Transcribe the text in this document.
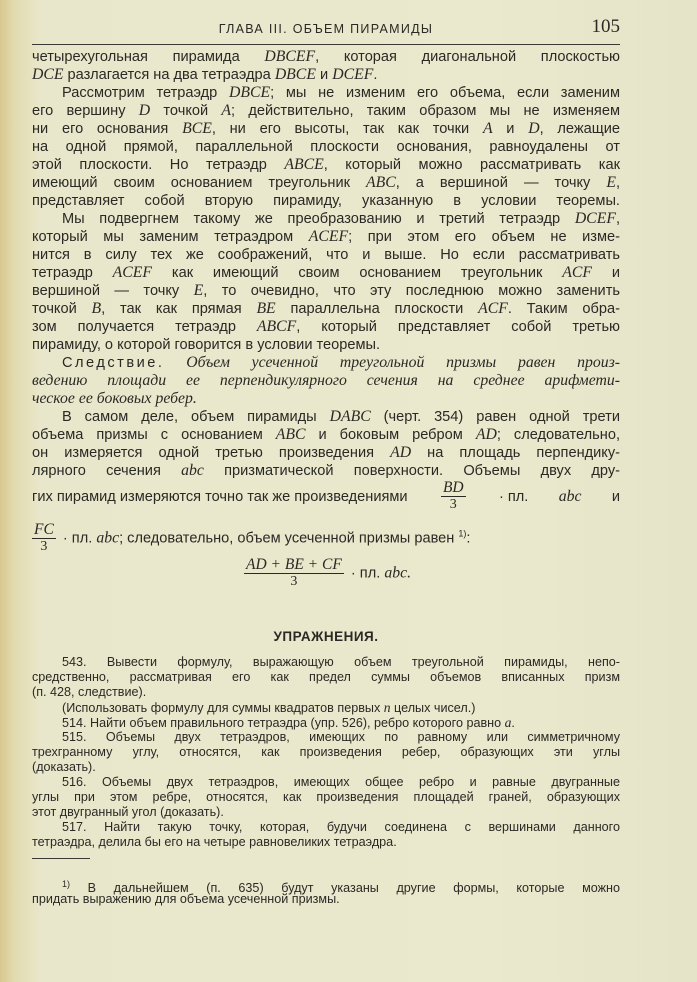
ГЛАВА III. ОБЪЕМ ПИРАМИДЫ	105
четырехугольная пирамида DBCEF, которая диагональной плоскостью
DCE разлагается на два тетраэдра DBCE и DCEF.
Рассмотрим тетраэдр DBCE; мы не изменим его объема, если заменим
его вершину D точкой A; действительно, таким образом мы не изменяем
ни его основания BCE, ни его высоты, так как точки A и D, лежащие
на одной прямой, параллельной плоскости основания, равноудалены от
этой плоскости. Но тетраэдр ABCE, который можно рассматривать как
имеющий своим основанием треугольник ABC, а вершиной — точку E,
представляет собой вторую пирамиду, указанную в условии теоремы.
Мы подвергнем такому же преобразованию и третий тетраэдр DCEF,
который мы заменим тетраэдром ACEF; при этом его объем не изме-
нится в силу тех же соображений, что и выше. Но если рассматривать
тетраэдр ACEF как имеющий своим основанием треугольник ACF и
вершиной — точку E, то очевидно, что эту последнюю можно заменить
точкой B, так как прямая BE параллельна плоскости ACF. Таким обра-
зом получается тетраэдр ABCF, который представляет собой третью
пирамиду, о которой говорится в условии теоремы.
Следствие. Объем усеченной треугольной призмы равен произ-
ведению площади ее перпендикулярного сечения на среднее арифмети-
ческое ее боковых ребер.
В самом деле, объем пирамиды DABC (черт. 354) равен одной трети
объема призмы с основанием ABC и боковым ребром AD; следовательно,
он измеряется одной третью произведения AD на площадь перпендику-
лярного сечения abc призматической поверхности. Объемы двух дру-
гих пирамид измеряются точно так же произведениями $\frac{BD}{3}$ · пл. abc и
$\frac{FC}{3}$ · пл. abc; следовательно, объем усеченной призмы равен $^{1)}$:
$\frac{AD + BE + CF}{3}$ · пл. abc.
УПРАЖНЕНИЯ.
543. Вывести формулу, выражающую объем треугольной пирамиды, непо-
средственно, рассматривая его как предел суммы объемов вписанных призм
(п. 428, следствие).
(Использовать формулу для суммы квадратов первых n целых чисел.)
514. Найти объем правильного тетраэдра (упр. 526), ребро которого равно a.
515. Объемы двух тетраэдров, имеющих по равному или симметричному
трехгранному углу, относятся, как произведения ребер, образующих эти углы
(доказать).
516. Объемы двух тетраэдров, имеющих общее ребро и равные двугранные
углы при этом ребре, относятся, как произведения площадей граней, образующих
этот двугранный угол (доказать).
517. Найти такую точку, которая, будучи соединена с вершинами данного
тетраэдра, делила бы его на четыре равновеликих тетраэдра.
$^{1)}$ В дальнейшем (п. 635) будут указаны другие формы, которые можно
придать выражению для объема усеченной призмы.
